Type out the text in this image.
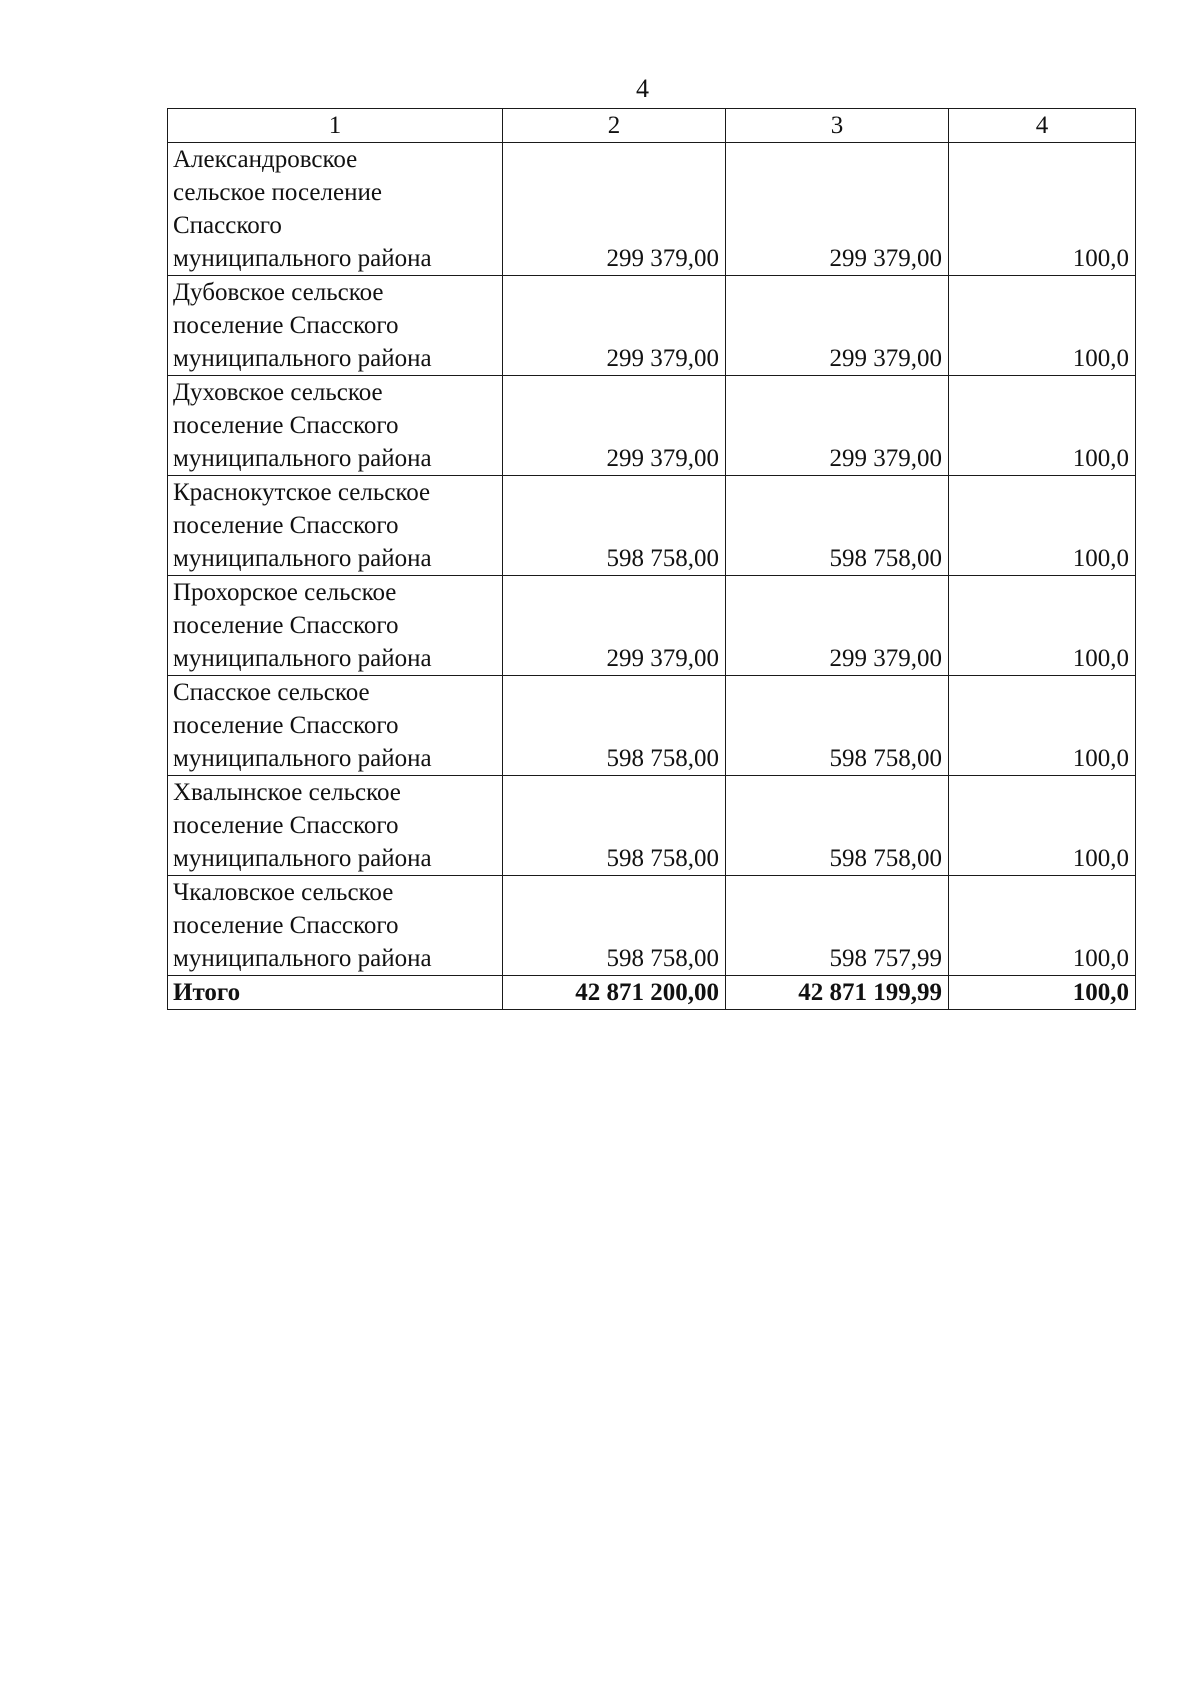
4
1	2	3	4

Александровское
сельское поселение
Спасского
муниципального района	299 379,00	299 379,00	100,0

Дубовское сельское
поселение Спасского
муниципального района	299 379,00	299 379,00	100,0

Духовское сельское
поселение Спасского
муниципального района	299 379,00	299 379,00	100,0

Краснокутское сельское
поселение Спасского
муниципального района	598 758,00	598 758,00	100,0

Прохорское сельское
поселение Спасского
муниципального района	299 379,00	299 379,00	100,0

Спасское сельское
поселение Спасского
муниципального района	598 758,00	598 758,00	100,0

Хвалынское сельское
поселение Спасского
муниципального района	598 758,00	598 758,00	100,0

Чкаловское сельское
поселение Спасского
муниципального района	598 758,00	598 757,99	100,0
Итого	42 871 200,00	42 871 199,99	100,0
